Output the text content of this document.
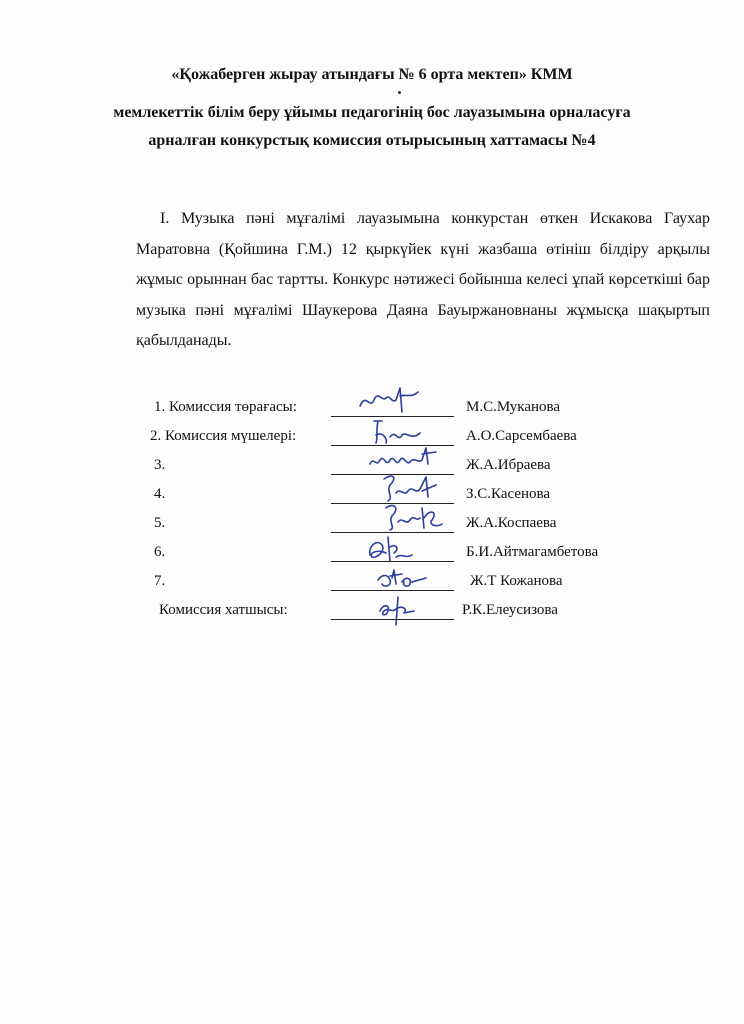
«Қожаберген жырау атындағы № 6 орта мектеп» КММ
мемлекеттік білім беру ұйымы педагогінің бос лауазымына орналасуға
арналған конкурстық комиссия отырысының хаттамасы №4

I. Музыка пәні мұғалімі лауазымына конкурстан өткен Искакова Гаухар Маратовна (Қойшина Г.М.) 12 қыркүйек күні жазбаша өтініш білдіру арқылы жұмыс орыннан бас тартты. Конкурс нәтижесі бойынша келесі ұпай көрсеткіші бар музыка пәні мұғалімі Шаукерова Даяна Бауыржановнаны жұмысқа шақыртып қабылданады.

1. Комиссия төрағасы:	М.С.Муканова
2. Комиссия мүшелері:	А.О.Сарсембаева
3.	Ж.А.Ибраева
4.	З.С.Касенова
5.	Ж.А.Коспаева
6.	Б.И.Айтмагамбетова
7.	Ж.Т Кожанова
Комиссия хатшысы:	Р.К.Елеусизова
